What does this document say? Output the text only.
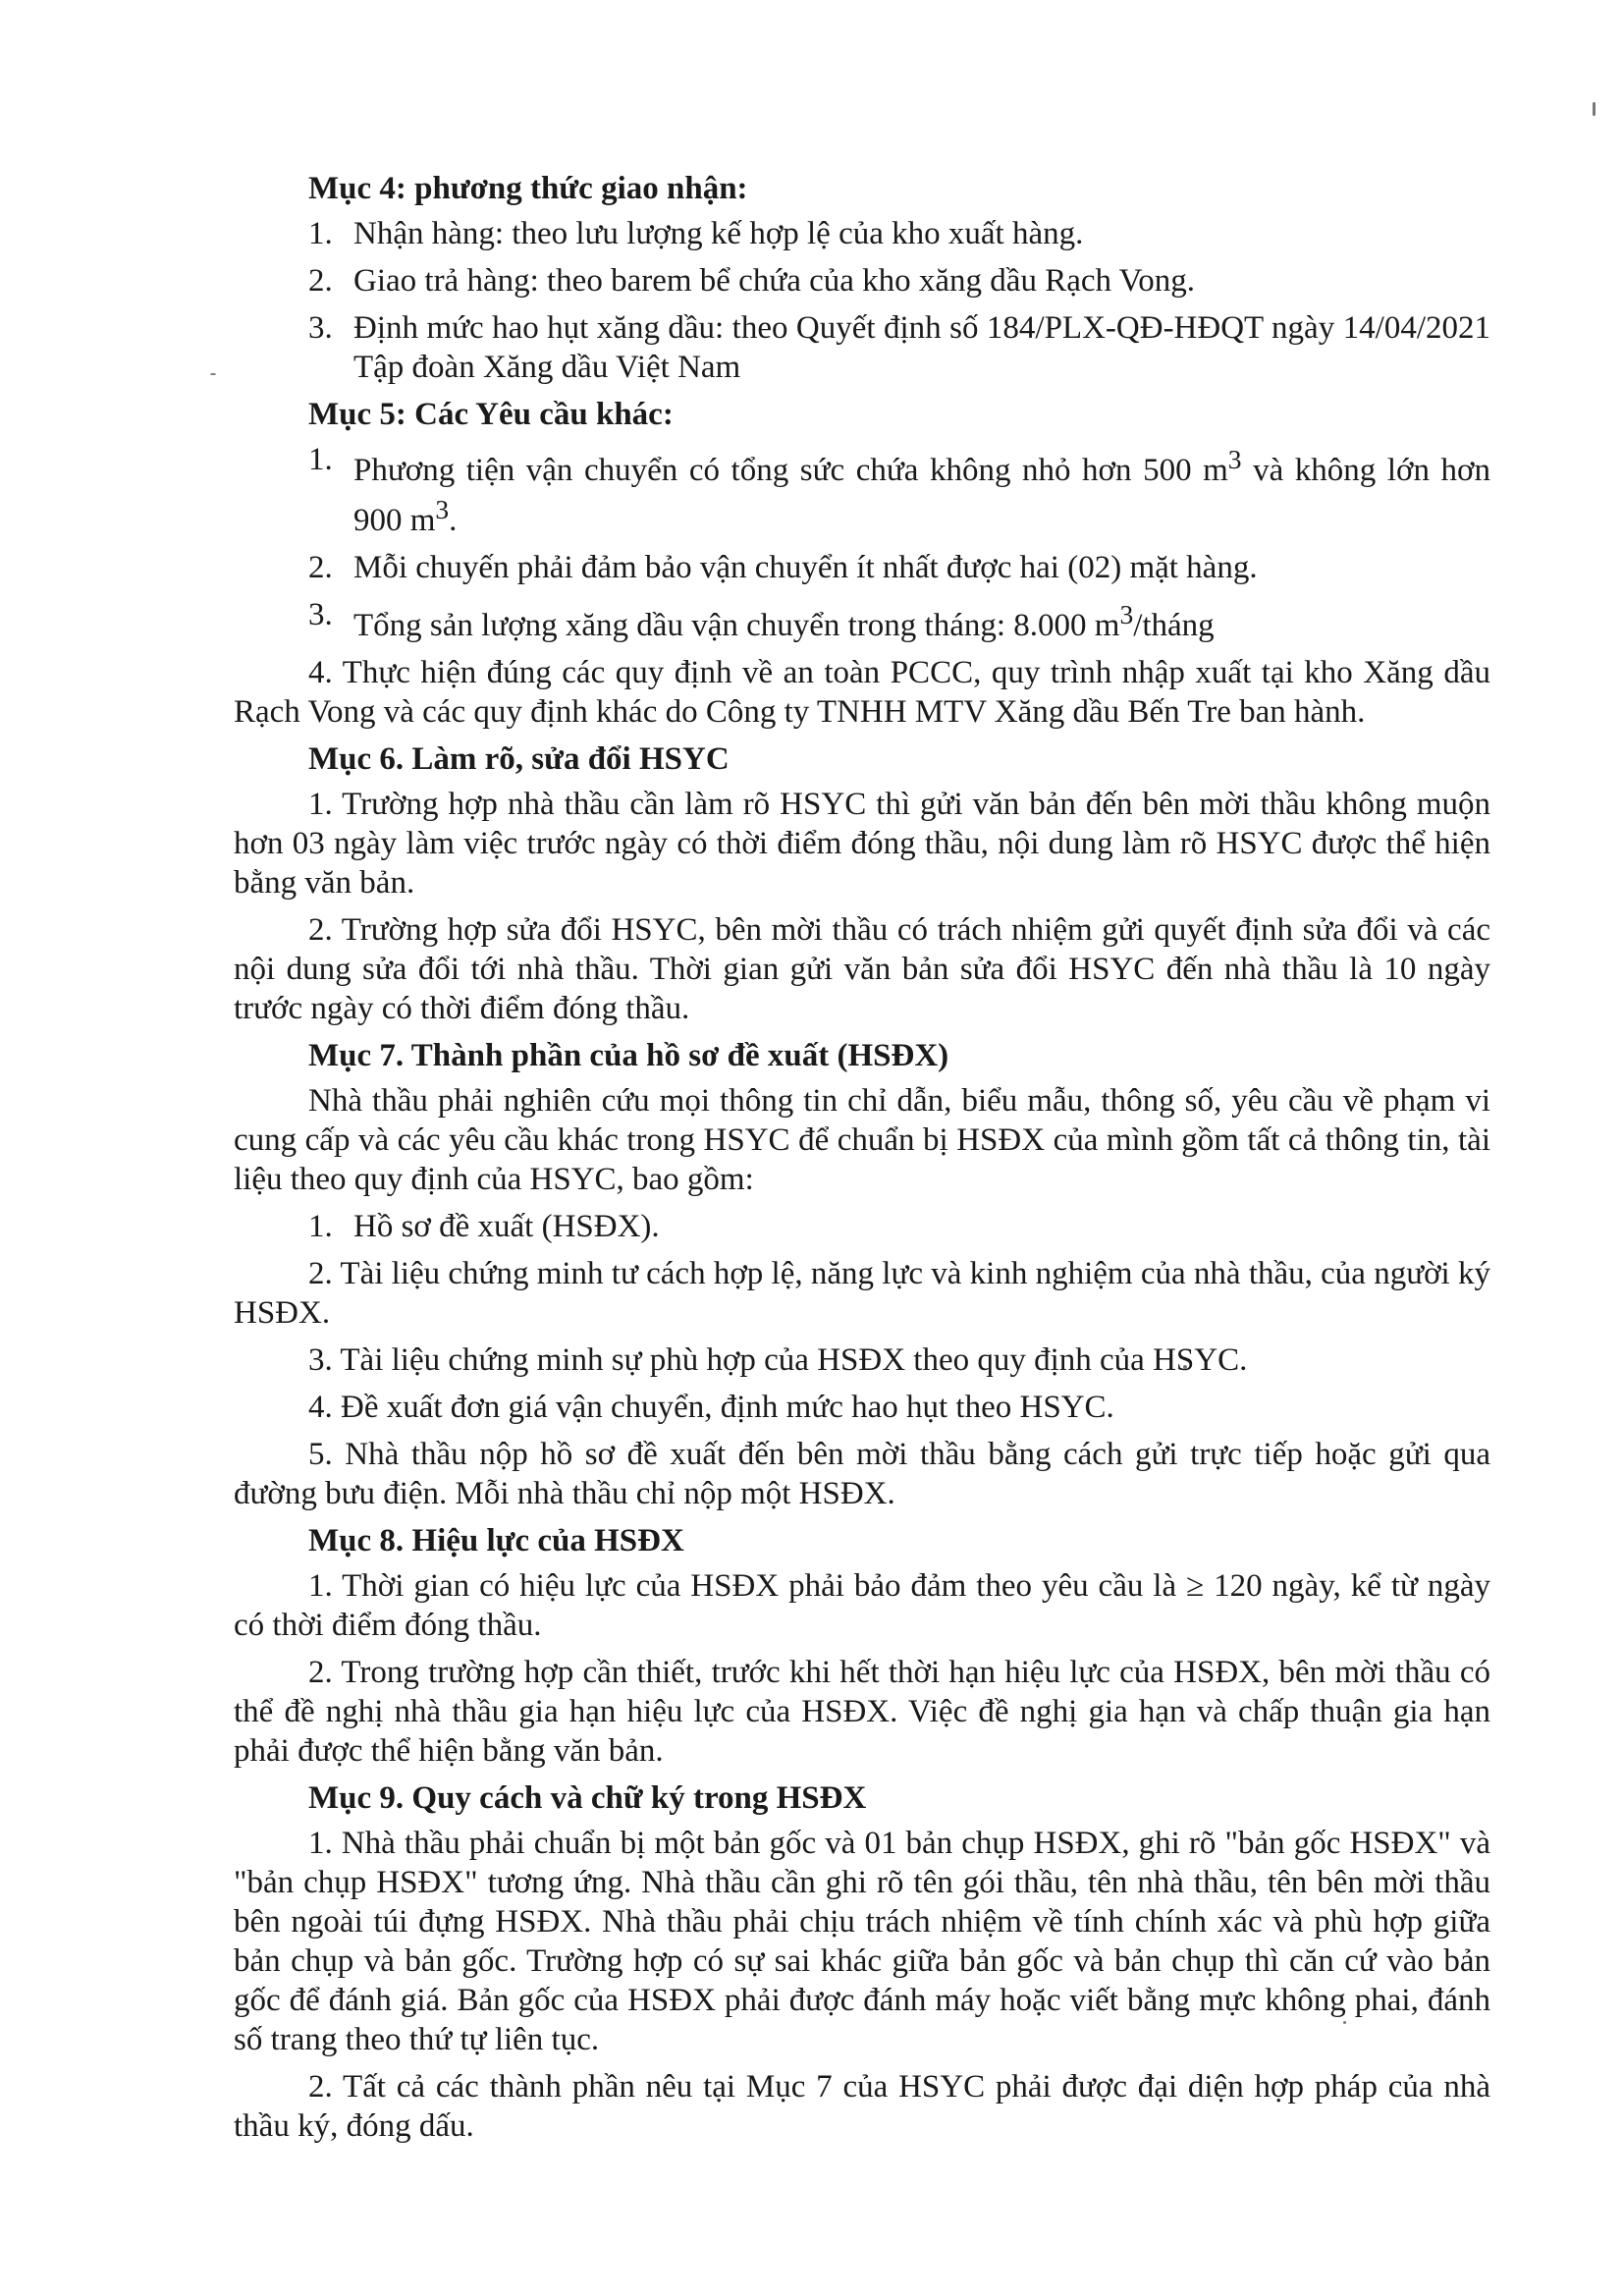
Mục 4: phương thức giao nhận:
1. Nhận hàng: theo lưu lượng kế hợp lệ của kho xuất hàng.
2. Giao trả hàng: theo barem bể chứa của kho xăng dầu Rạch Vong.
3. Định mức hao hụt xăng dầu: theo Quyết định số 184/PLX-QĐ-HĐQT ngày 14/04/2021 Tập đoàn Xăng dầu Việt Nam
Mục 5: Các Yêu cầu khác:
1. Phương tiện vận chuyển có tổng sức chứa không nhỏ hơn 500 $m^3$ và không lớn hơn 900 $m^3$.
2. Mỗi chuyến phải đảm bảo vận chuyển ít nhất được hai (02) mặt hàng.
3. Tổng sản lượng xăng dầu vận chuyển trong tháng: 8.000 $m^3$/tháng
4. Thực hiện đúng các quy định về an toàn PCCC, quy trình nhập xuất tại kho Xăng dầu Rạch Vong và các quy định khác do Công ty TNHH MTV Xăng dầu Bến Tre ban hành.
Mục 6. Làm rõ, sửa đổi HSYC
1. Trường hợp nhà thầu cần làm rõ HSYC thì gửi văn bản đến bên mời thầu không muộn hơn 03 ngày làm việc trước ngày có thời điểm đóng thầu, nội dung làm rõ HSYC được thể hiện bằng văn bản.
2. Trường hợp sửa đổi HSYC, bên mời thầu có trách nhiệm gửi quyết định sửa đổi và các nội dung sửa đổi tới nhà thầu. Thời gian gửi văn bản sửa đổi HSYC đến nhà thầu là 10 ngày trước ngày có thời điểm đóng thầu.
Mục 7. Thành phần của hồ sơ đề xuất (HSĐX)
Nhà thầu phải nghiên cứu mọi thông tin chỉ dẫn, biểu mẫu, thông số, yêu cầu về phạm vi cung cấp và các yêu cầu khác trong HSYC để chuẩn bị HSĐX của mình gồm tất cả thông tin, tài liệu theo quy định của HSYC, bao gồm:
1. Hồ sơ đề xuất (HSĐX).
2. Tài liệu chứng minh tư cách hợp lệ, năng lực và kinh nghiệm của nhà thầu, của người ký HSĐX.
3. Tài liệu chứng minh sự phù hợp của HSĐX theo quy định của HSYC.
4. Đề xuất đơn giá vận chuyển, định mức hao hụt theo HSYC.
5. Nhà thầu nộp hồ sơ đề xuất đến bên mời thầu bằng cách gửi trực tiếp hoặc gửi qua đường bưu điện. Mỗi nhà thầu chỉ nộp một HSĐX.
Mục 8. Hiệu lực của HSĐX
1. Thời gian có hiệu lực của HSĐX phải bảo đảm theo yêu cầu là ≥ 120 ngày, kể từ ngày có thời điểm đóng thầu.
2. Trong trường hợp cần thiết, trước khi hết thời hạn hiệu lực của HSĐX, bên mời thầu có thể đề nghị nhà thầu gia hạn hiệu lực của HSĐX. Việc đề nghị gia hạn và chấp thuận gia hạn phải được thể hiện bằng văn bản.
Mục 9. Quy cách và chữ ký trong HSĐX
1. Nhà thầu phải chuẩn bị một bản gốc và 01 bản chụp HSĐX, ghi rõ "bản gốc HSĐX" và "bản chụp HSĐX" tương ứng. Nhà thầu cần ghi rõ tên gói thầu, tên nhà thầu, tên bên mời thầu bên ngoài túi đựng HSĐX. Nhà thầu phải chịu trách nhiệm về tính chính xác và phù hợp giữa bản chụp và bản gốc. Trường hợp có sự sai khác giữa bản gốc và bản chụp thì căn cứ vào bản gốc để đánh giá. Bản gốc của HSĐX phải được đánh máy hoặc viết bằng mực không phai, đánh số trang theo thứ tự liên tục.
2. Tất cả các thành phần nêu tại Mục 7 của HSYC phải được đại diện hợp pháp của nhà thầu ký, đóng dấu.
